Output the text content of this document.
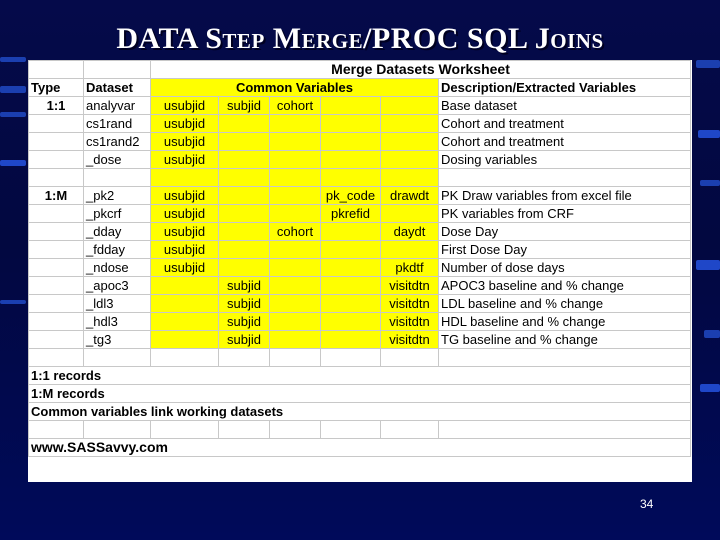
DATA Step Merge/PROC SQL Joins
		Merge Datasets Worksheet					
Type	Dataset	Common Variables					Description/Extracted Variables
1:1	analyvar	usubjid	subjid	cohort			Base dataset
	cs1rand	usubjid					Cohort and treatment
	cs1rand2	usubjid					Cohort and treatment
	_dose	usubjid					Dosing variables

1:M	_pk2	usubjid			pk_code	drawdt	PK Draw variables from excel file
	_pkcrf	usubjid			pkrefid		PK variables from CRF
	_dday	usubjid		cohort		daydt	Dose Day
	_fdday	usubjid					First Dose Day
	_ndose	usubjid				pkdtf	Number of dose days
	_apoc3		subjid			visitdtn	APOC3 baseline and % change
	_ldl3		subjid			visitdtn	LDL baseline and % change
	_hdl3		subjid			visitdtn	HDL baseline and % change
	_tg3		subjid			visitdtn	TG baseline and % change

1:1 records							
1:M records							
Common variables link working datasets							

www.SASSavvy.com							
34
